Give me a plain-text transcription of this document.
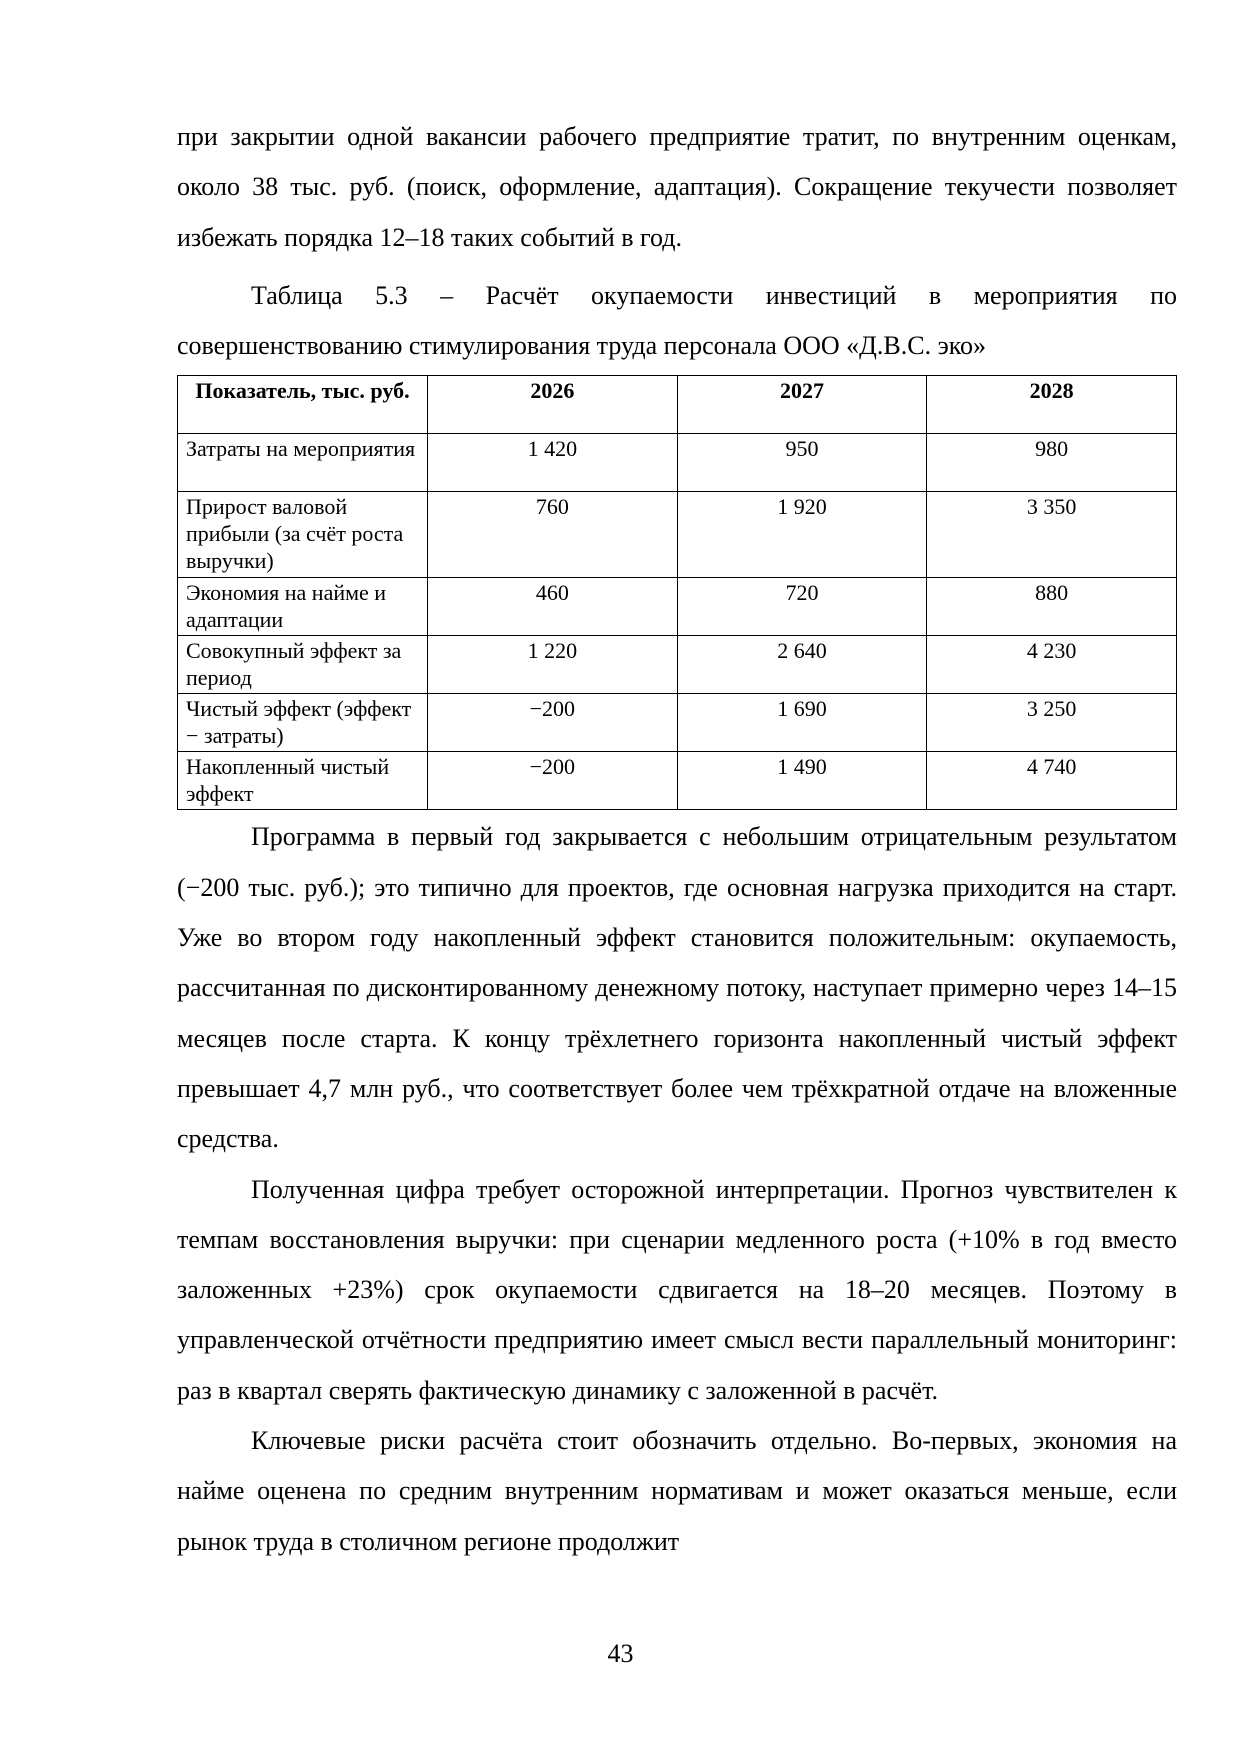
при закрытии одной вакансии рабочего предприятие тратит, по внутренним оценкам, около 38 тыс. руб. (поиск, оформление, адаптация). Сокращение текучести позволяет избежать порядка 12–18 таких событий в год.

Таблица 5.3 – Расчёт окупаемости инвестиций в мероприятия по совершенствованию стимулирования труда персонала ООО «Д.В.С. эко»

Показатель, тыс. руб.	2026	2027	2028
Затраты на мероприятия	1 420	950	980
Прирост валовой прибыли (за счёт роста выручки)	760	1 920	3 350
Экономия на найме и адаптации	460	720	880
Совокупный эффект за период	1 220	2 640	4 230
Чистый эффект (эффект − затраты)	−200	1 690	3 250
Накопленный чистый эффект	−200	1 490	4 740

Программа в первый год закрывается с небольшим отрицательным результатом (−200 тыс. руб.); это типично для проектов, где основная нагрузка приходится на старт. Уже во втором году накопленный эффект становится положительным: окупаемость, рассчитанная по дисконтированному денежному потоку, наступает примерно через 14–15 месяцев после старта. К концу трёхлетнего горизонта накопленный чистый эффект превышает 4,7 млн руб., что соответствует более чем трёхкратной отдаче на вложенные средства.

Полученная цифра требует осторожной интерпретации. Прогноз чувствителен к темпам восстановления выручки: при сценарии медленного роста (+10% в год вместо заложенных +23%) срок окупаемости сдвигается на 18–20 месяцев. Поэтому в управленческой отчётности предприятию имеет смысл вести параллельный мониторинг: раз в квартал сверять фактическую динамику с заложенной в расчёт.

Ключевые риски расчёта стоит обозначить отдельно. Во-первых, экономия на найме оценена по средним внутренним нормативам и может оказаться меньше, если рынок труда в столичном регионе продолжит

43
